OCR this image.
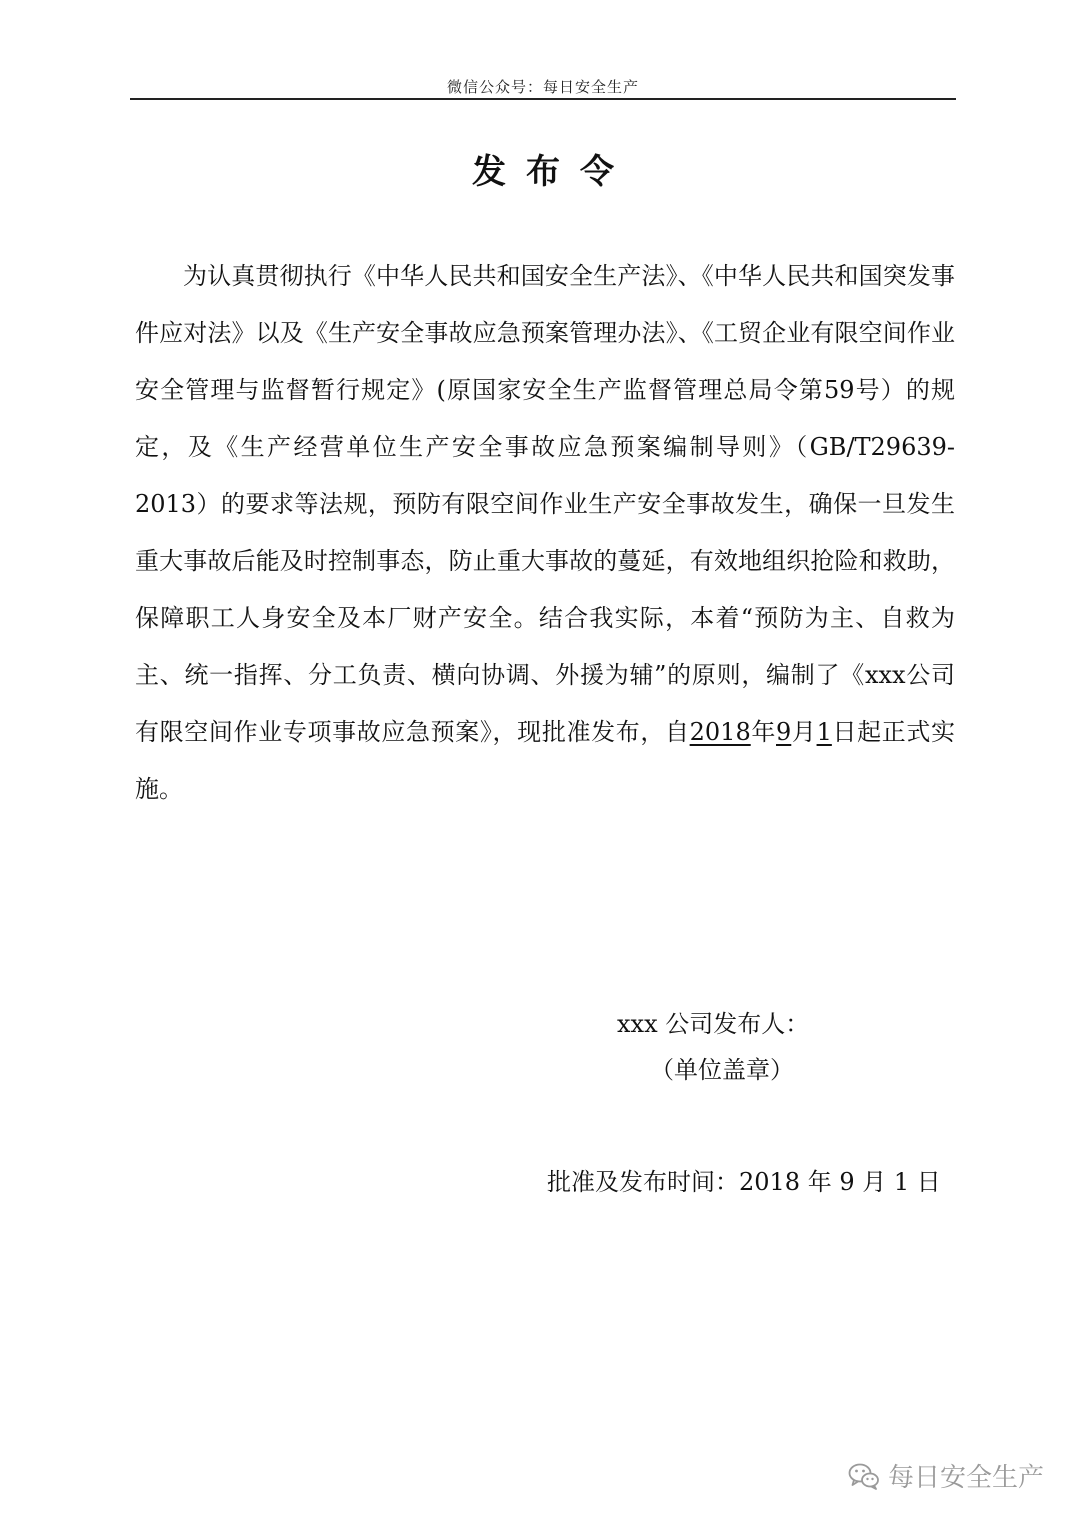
微信公众号：每日安全生产
发布令

为认真贯彻执行《中华人民共和国安全生产法》、《中华人民共和国突发事件应对法》以及《生产安全事故应急预案管理办法》、《工贸企业有限空间作业安全管理与监督暂行规定》(原国家安全生产监督管理总局令第59号）的规定，及《生产经营单位生产安全事故应急预案编制导则》（GB/T29639-2013）的要求等法规，预防有限空间作业生产安全事故发生，确保一旦发生重大事故后能及时控制事态，防止重大事故的蔓延，有效地组织抢险和救助，保障职工人身安全及本厂财产安全。结合我实际，本着“预防为主、自救为主、统一指挥、分工负责、横向协调、外援为辅”的原则，编制了《xxx公司有限空间作业专项事故应急预案》，现批准发布，自2018年9月1日起正式实施。

xxx 公司发布人：
（单位盖章）
批准及发布时间：2018 年 9 月 1 日
每日安全生产
